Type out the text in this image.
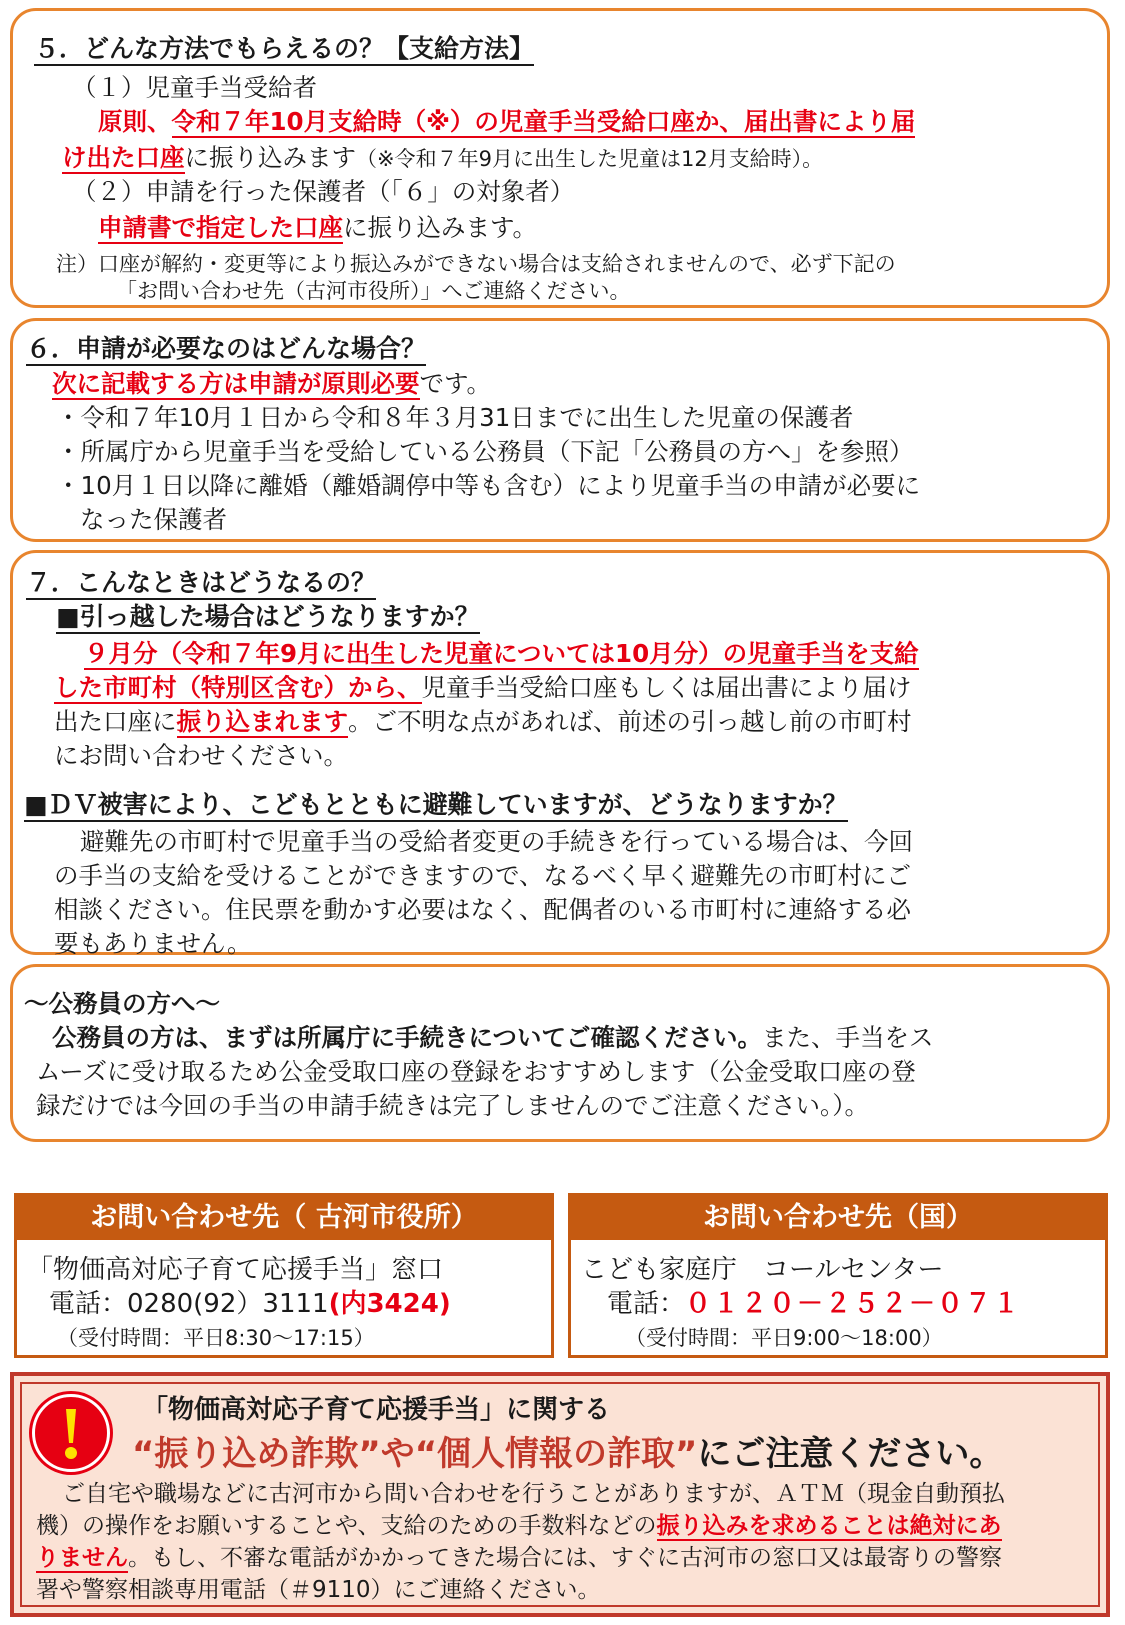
５．どんな方法でもらえるの？【支給方法】
（１）児童手当受給者
原則、令和７年10月支給時（※）の児童手当受給口座か、届出書により届
け出た口座に振り込みます（※令和７年9月に出生した児童は12月支給時）。
（２）申請を行った保護者（「６」の対象者）
申請書で指定した口座に振り込みます。
注）口座が解約・変更等により振込みができない場合は支給されませんので、必ず下記の
「お問い合わせ先（古河市役所）」へご連絡ください。
６．申請が必要なのはどんな場合？
次に記載する方は申請が原則必要です。
・令和７年10月１日から令和８年３月31日までに出生した児童の保護者
・所属庁から児童手当を受給している公務員（下記「公務員の方へ」を参照）
・10月１日以降に離婚（離婚調停中等も含む）により児童手当の申請が必要に
なった保護者
７．こんなときはどうなるの？
■引っ越した場合はどうなりますか？
９月分（令和７年9月に出生した児童については10月分）の児童手当を支給
した市町村（特別区含む）から、児童手当受給口座もしくは届出書により届け
出た口座に振り込まれます。ご不明な点があれば、前述の引っ越し前の市町村
にお問い合わせください。
■ＤＶ被害により、こどもとともに避難していますが、どうなりますか？
避難先の市町村で児童手当の受給者変更の手続きを行っている場合は、今回
の手当の支給を受けることができますので、なるべく早く避難先の市町村にご
相談ください。住民票を動かす必要はなく、配偶者のいる市町村に連絡する必
要もありません。
～公務員の方へ～
公務員の方は、まずは所属庁に手続きについてご確認ください。また、手当をス
ムーズに受け取るため公金受取口座の登録をおすすめします（公金受取口座の登
録だけでは今回の手当の申請手続きは完了しませんのでご注意ください。）。
お問い合わせ先（ 古河市役所）
「物価高対応子育て応援手当」窓口
電話：0280(92）3111(内3424)
（受付時間：平日8:30～17:15）
お問い合わせ先（国）
こども家庭庁　コールセンター
電話：０１２０－２５２－０７１
（受付時間：平日9:00～18:00）
「物価高対応子育て応援手当」に関する
“振り込め詐欺”や“個人情報の詐取”にご注意ください。
ご自宅や職場などに古河市から問い合わせを行うことがありますが、ＡＴＭ（現金自動預払
機）の操作をお願いすることや、支給のための手数料などの振り込みを求めることは絶対にあ
りません。もし、不審な電話がかかってきた場合には、すぐに古河市の窓口又は最寄りの警察
署や警察相談専用電話（＃9110）にご連絡ください。
